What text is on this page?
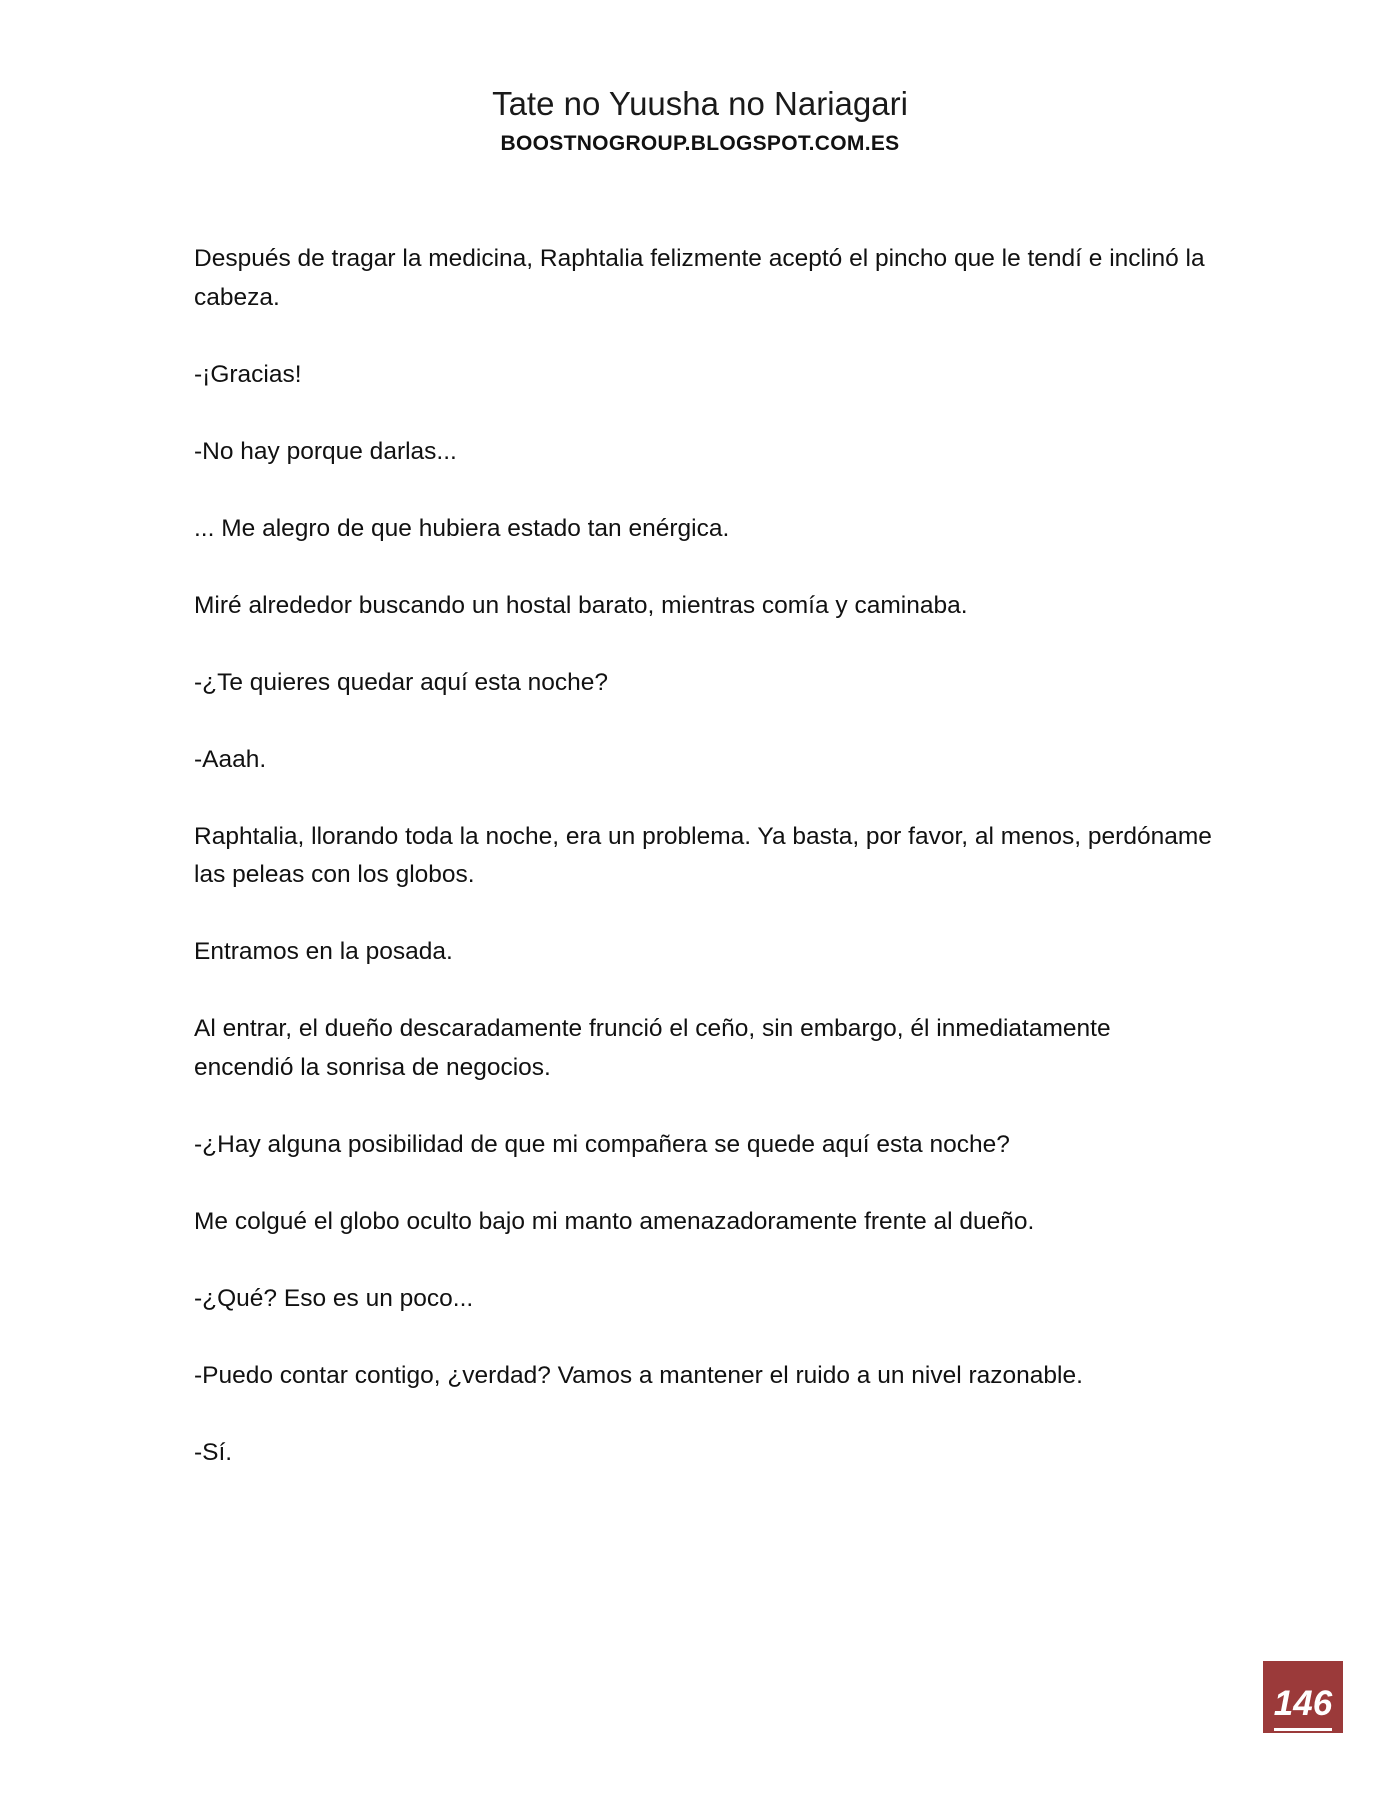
Tate no Yuusha no Nariagari
BOOSTNOGROUP.BLOGSPOT.COM.ES

Después de tragar la medicina, Raphtalia felizmente aceptó el pincho que le tendí e inclinó la cabeza.

-¡Gracias!

-No hay porque darlas...

... Me alegro de que hubiera estado tan enérgica.

Miré alrededor buscando un hostal barato, mientras comía y caminaba.

-¿Te quieres quedar aquí esta noche?

-Aaah.

Raphtalia, llorando toda la noche, era un problema. Ya basta, por favor, al menos, perdóname las peleas con los globos.

Entramos en la posada.

Al entrar, el dueño descaradamente frunció el ceño, sin embargo, él inmediatamente encendió la sonrisa de negocios.

-¿Hay alguna posibilidad de que mi compañera se quede aquí esta noche?

Me colgué el globo oculto bajo mi manto amenazadoramente frente al dueño.

-¿Qué? Eso es un poco...

-Puedo contar contigo, ¿verdad? Vamos a mantener el ruido a un nivel razonable.

-Sí.

146
